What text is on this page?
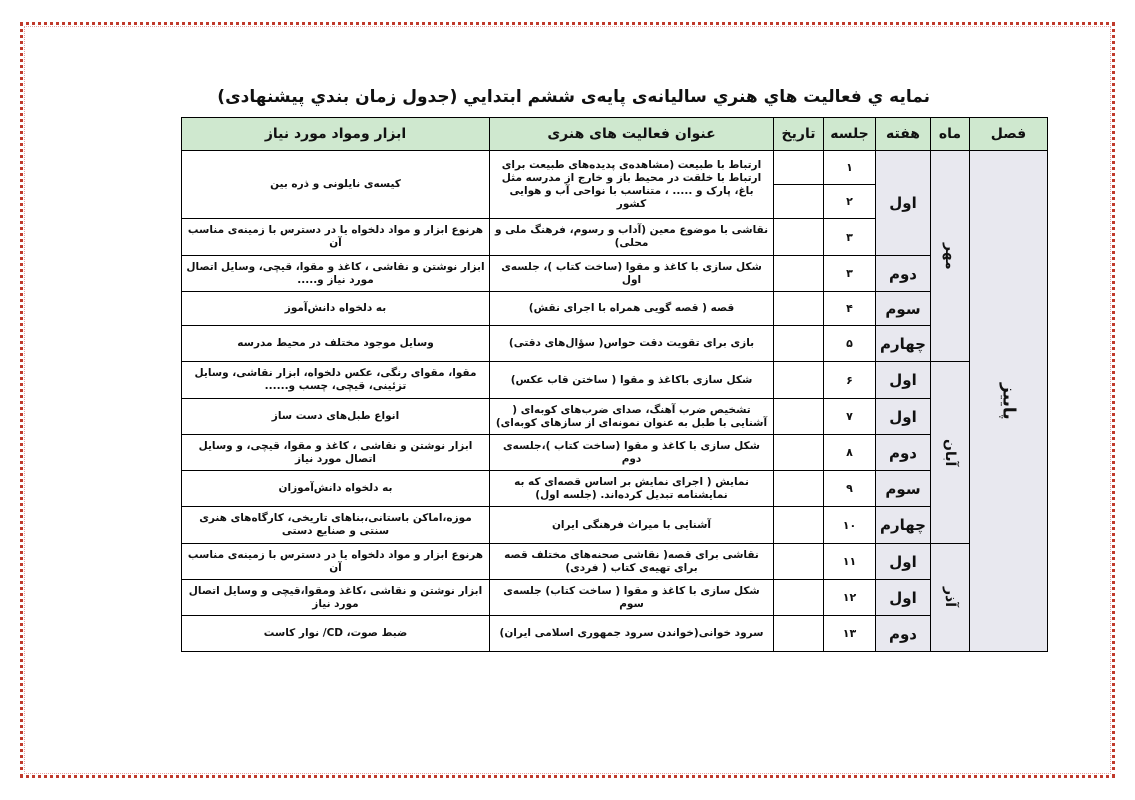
نمايه ي فعاليت هاي هنري سالیانه‌ی پایه‌ی ششم ابتدايي (جدول زمان بندي پيشنهادی)
فصل	ماه	هفته	جلسه	تاریخ	عنوان فعالیت های هنری	ابزار ومواد مورد نیاز
پاییز	مهر	اول	۱		ارتباط با طبیعت (مشاهده‌ی پدیده‌های طبیعت برای ارتباط با خلقت در محیط باز و خارج از مدرسه مثل باغ، پارک و ..... ، متناسب با نواحی آب و هوایی کشور	کیسه‌ی نایلونی و ذره بین
			۲			
			۳		نقاشی با موضوع معین (آداب و رسوم، فرهنگ ملی و محلی)	هرنوع ابزار و مواد دلخواه یا در دسترس با زمینه‌ی مناسب آن
		دوم	۳		شکل سازی با کاغذ و مقوا (ساخت کتاب )، جلسه‌ی اول	ابزار نوشتن و نقاشی ، کاغذ و مقوا، قیچی، وسایل اتصال مورد نیاز و.....
		سوم	۴		قصه ( قصه گویی همراه با اجرای نقش)	به دلخواه دانش‌آموز
		چهارم	۵		بازی برای تقویت دقت حواس( سؤال‌های دقتی)	وسایل موجود مختلف در محیط مدرسه
	آبان	اول	۶		شکل سازی باکاغذ و مقوا ( ساختن قاب عکس)	مقوا، مقوای رنگی، عکس دلخواه، ابزار نقاشی، وسایل تزئینی، قیچی، چسب و......
		اول	۷		تشخیص ضرب آهنگ، صدای ضرب‌های کوبه‌ای ( آشنایی با طبل به عنوان نمونه‌ای از سازهای کوبه‌ای)	انواع طبل‌های دست ساز
		دوم	۸		شکل سازی با کاغذ و مقوا (ساخت کتاب )،جلسه‌ی دوم	ابزار نوشتن و نقاشی ، کاغذ و مقوا، قیچی، و وسایل اتصال مورد نیاز
		سوم	۹		نمایش ( اجرای نمایش بر اساس قصه‌ای که به نمایشنامه تبدیل کرده‌اند. (جلسه اول)	به دلخواه دانش‌آموزان
		چهارم	۱۰		آشنایی با میراث فرهنگی ایران	موزه،اماکن باستانی،بناهای تاریخی، کارگاه‌های هنری سنتی و صنایع دستی
	آذر	اول	۱۱		نقاشی برای قصه( نقاشی صحنه‌های مختلف قصه برای تهیه‌ی کتاب ( فردی)	هرنوع ابزار و مواد دلخواه یا در دسترس با زمینه‌ی مناسب آن
		اول	۱۲		شکل سازی با کاغذ و مقوا ( ساخت کتاب) جلسه‌ی سوم	ابزار نوشتن و نقاشی ،کاغذ ومقوا،قیچی و وسایل اتصال مورد نیاز
		دوم	۱۳		سرود خوانی(خواندن سرود جمهوری اسلامی ایران)	ضبط صوت، CD/ نوار کاست
